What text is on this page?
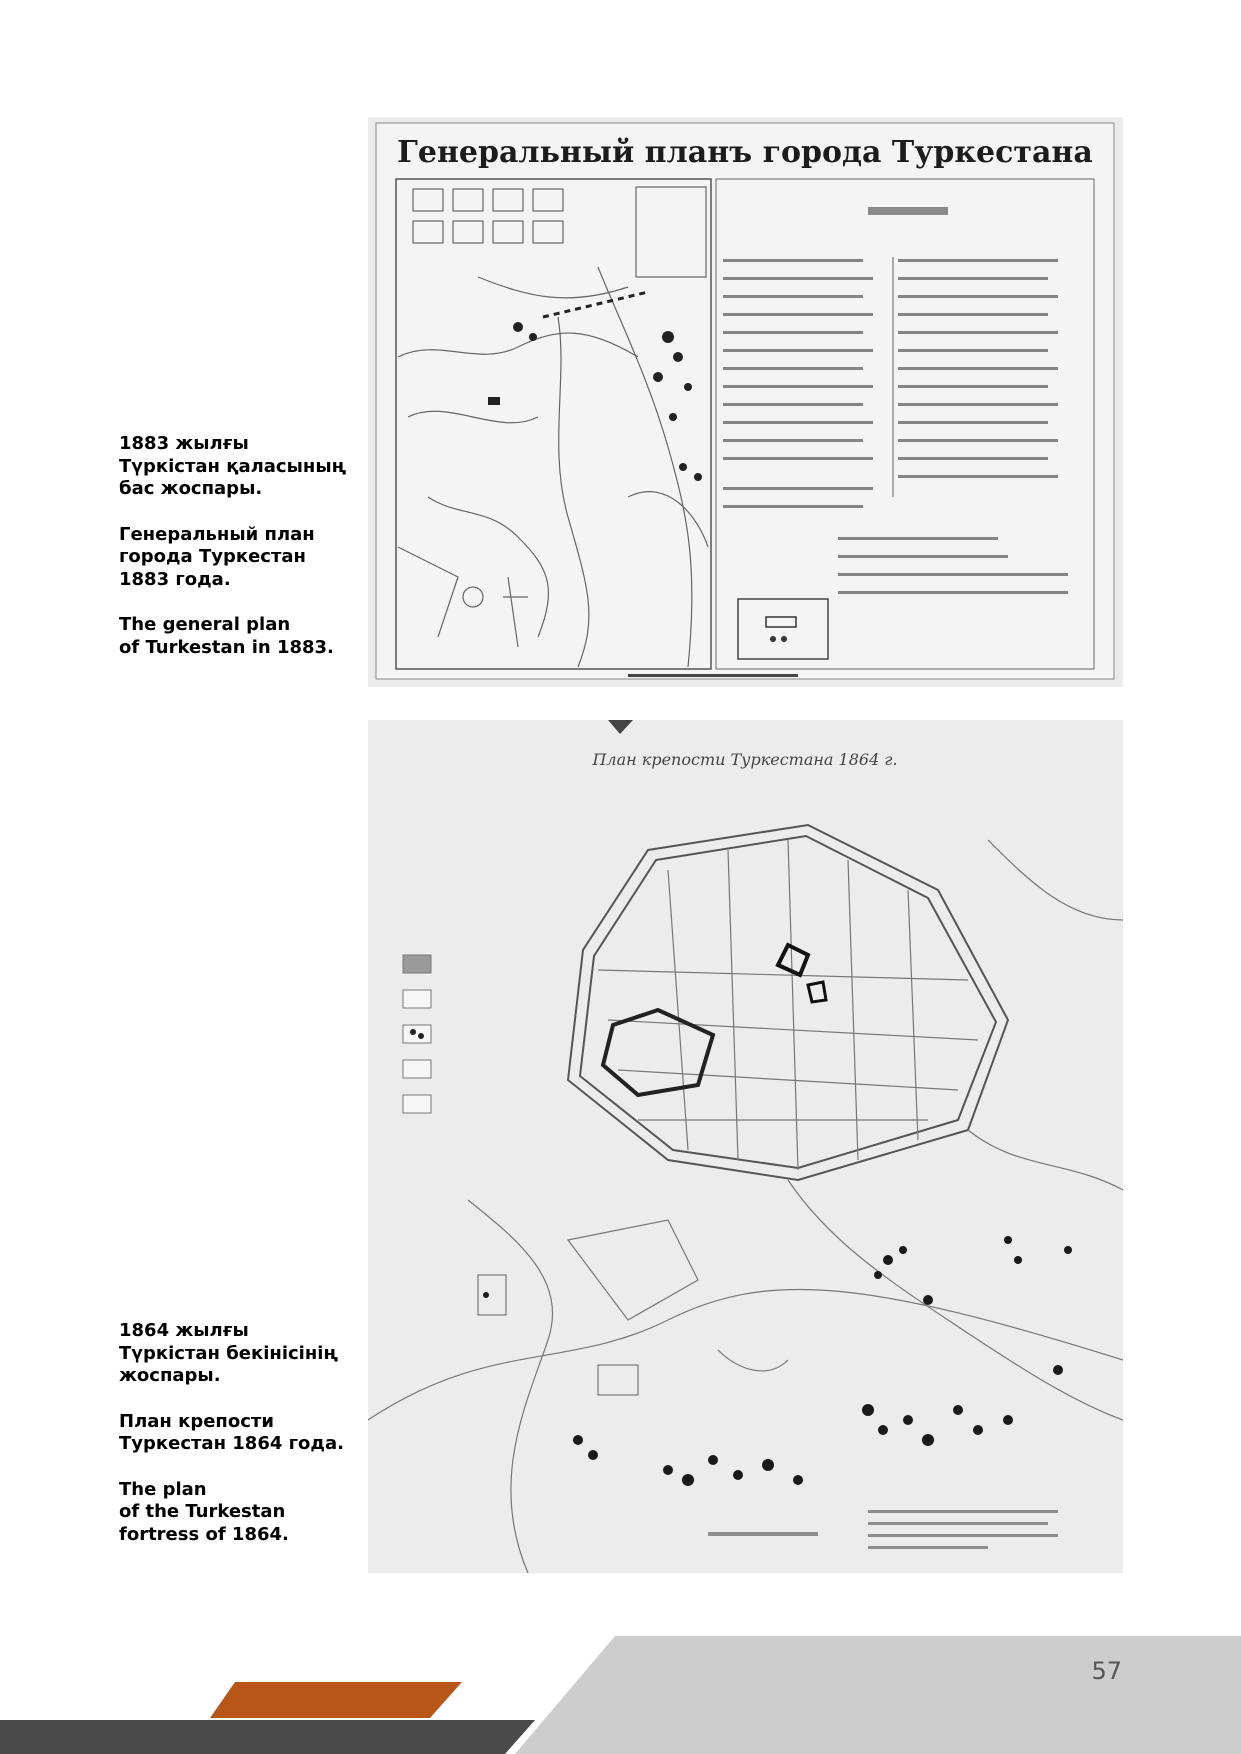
1883 жылғы
Түркістан қаласының
бас жоспары.

Генеральный план
города Туркестан
1883 года.

The general plan
of Turkestan in 1883.

Генеральный планъ города Туркестана

1864 жылғы
Түркістан бекінісінің
жоспары.

План крепости
Туркестан 1864 года.

The plan
of the Turkestan
fortress of 1864.

План крепости Туркестана 1864 г.
57
